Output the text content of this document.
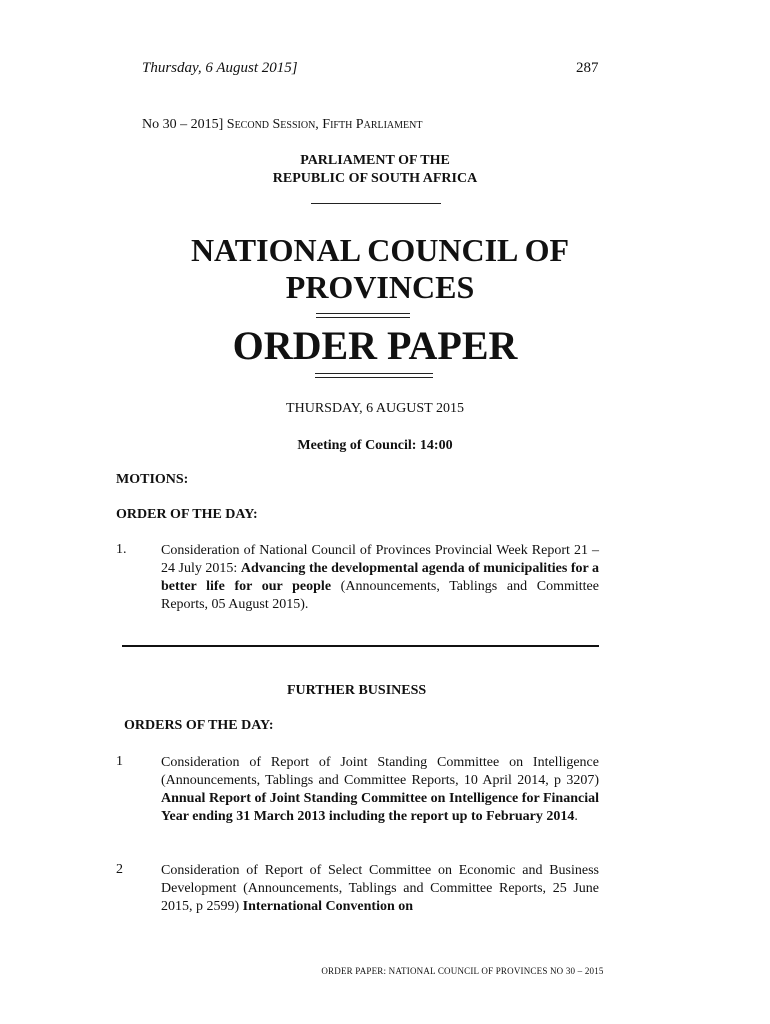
Thursday, 6 August 2015]	287
No 30 – 2015] Second Session, Fifth Parliament
PARLIAMENT OF THE
REPUBLIC OF SOUTH AFRICA
NATIONAL COUNCIL OF
PROVINCES
ORDER PAPER
THURSDAY, 6 AUGUST 2015
Meeting of Council: 14:00
MOTIONS:
ORDER OF THE DAY:
1. Consideration of National Council of Provinces Provincial Week Report 21 – 24 July 2015: Advancing the developmental agenda of municipalities for a better life for our people (Announcements, Tablings and Committee Reports, 05 August 2015).
FURTHER BUSINESS
ORDERS OF THE DAY:
1	Consideration of Report of Joint Standing Committee on Intelligence (Announcements, Tablings and Committee Reports, 10 April 2014, p 3207) Annual Report of Joint Standing Committee on Intelligence for Financial Year ending 31 March 2013 including the report up to February 2014.
2	Consideration of Report of Select Committee on Economic and Business Development (Announcements, Tablings and Committee Reports, 25 June 2015, p 2599) International Convention on
ORDER PAPER: NATIONAL COUNCIL OF PROVINCES NO 30 – 2015
